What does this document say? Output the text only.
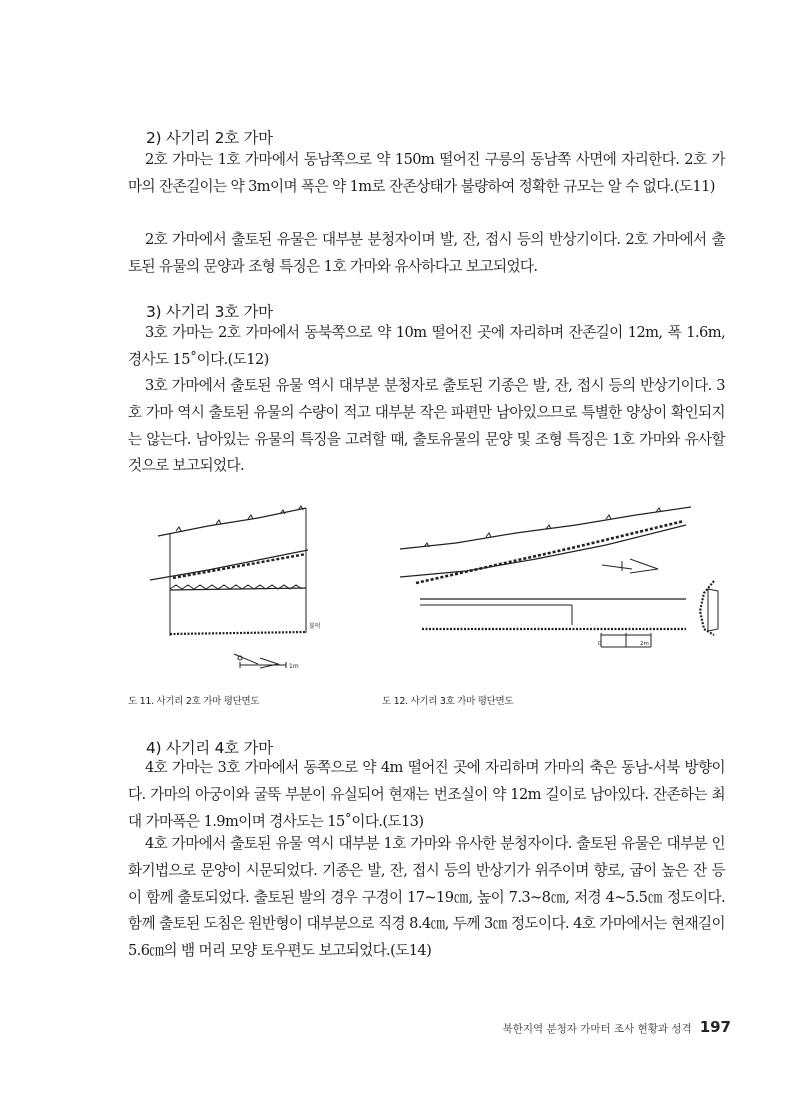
2) 사기리 2호 가마

2호 가마는 1호 가마에서 동남쪽으로 약 150m 떨어진 구릉의 동남쪽 사면에 자리한다. 2호 가마의 잔존길이는 약 3m이며 폭은 약 1m로 잔존상태가 불량하여 정확한 규모는 알 수 없다.(도11)

2호 가마에서 출토된 유물은 대부분 분청자이며 발, 잔, 접시 등의 반상기이다. 2호 가마에서 출토된 유물의 문양과 조형 특징은 1호 가마와 유사하다고 보고되었다.

3) 사기리 3호 가마

3호 가마는 2호 가마에서 동북쪽으로 약 10m 떨어진 곳에 자리하며 잔존길이 12m, 폭 1.6m, 경사도 15˚이다.(도12)

3호 가마에서 출토된 유물 역시 대부분 분청자로 출토된 기종은 발, 잔, 접시 등의 반상기이다. 3호 가마 역시 출토된 유물의 수량이 적고 대부분 작은 파편만 남아있으므로 특별한 양상이 확인되지는 않는다. 남아있는 유물의 특징을 고려할 때, 출토유물의 문양 및 조형 특징은 1호 가마와 유사할 것으로 보고되었다.

불턱
1m
도 11. 사기리 2호 가마 평단면도
0	2m
도 12. 사기리 3호 가마 평단면도
4) 사기리 4호 가마

4호 가마는 3호 가마에서 동쪽으로 약 4m 떨어진 곳에 자리하며 가마의 축은 동남-서북 방향이다. 가마의 아궁이와 굴뚝 부분이 유실되어 현재는 번조실이 약 12m 길이로 남아있다. 잔존하는 최대 가마폭은 1.9m이며 경사도는 15˚이다.(도13)

4호 가마에서 출토된 유물 역시 대부분 1호 가마와 유사한 분청자이다. 출토된 유물은 대부분 인화기법으로 문양이 시문되었다. 기종은 발, 잔, 접시 등의 반상기가 위주이며 향로, 굽이 높은 잔 등이 함께 출토되었다. 출토된 발의 경우 구경이 17~19㎝, 높이 7.3~8㎝, 저경 4~5.5㎝ 정도이다. 함께 출토된 도침은 원반형이 대부분으로 직경 8.4㎝, 두께 3㎝ 정도이다. 4호 가마에서는 현재길이 5.6㎝의 뱀 머리 모양 토우편도 보고되었다.(도14)

북한지역 분청자 가마터 조사 현황과 성격 197
